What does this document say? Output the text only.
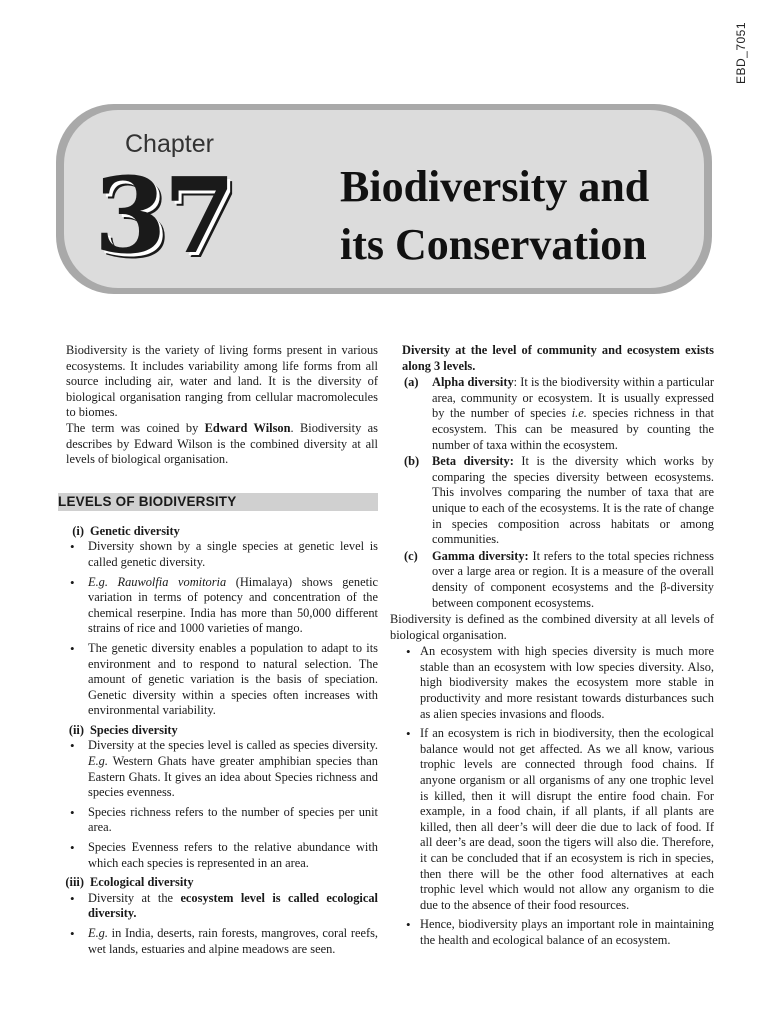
EBD_7051
Chapter
37 Biodiversity and
its Conservation

Biodiversity is the variety of living forms present in various ecosystems. It includes variability among life forms from all source including air, water and land. It is the diversity of biological organisation ranging from cellular macromolecules to biomes.

The term was coined by Edward Wilson. Biodiversity as describes by Edward Wilson is the combined diversity at all levels of biological organisation.

LEVELS OF BIODIVERSITY
(i) Genetic diversity
• Diversity shown by a single species at genetic level is called genetic diversity.
• E.g. Rauwolfia vomitoria (Himalaya) shows genetic variation in terms of potency and concentration of the chemical reserpine. India has more than 50,000 different strains of rice and 1000 varieties of mango.
• The genetic diversity enables a population to adapt to its environment and to respond to natural selection. The amount of genetic variation is the basis of speciation. Genetic diversity within a species often increases with environmental variability.
(ii) Species diversity
• Diversity at the species level is called as species diversity. E.g. Western Ghats have greater amphibian species than Eastern Ghats. It gives an idea about Species richness and species evenness.
• Species richness refers to the number of species per unit area.
• Species Evenness refers to the relative abundance with which each species is represented in an area.
(iii) Ecological diversity
• Diversity at the ecosystem level is called ecological diversity.
• E.g. in India, deserts, rain forests, mangroves, coral reefs, wet lands, estuaries and alpine meadows are seen.

Diversity at the level of community and ecosystem exists along 3 levels.

(a) Alpha diversity: It is the biodiversity within a particular area, community or ecosystem. It is usually expressed by the number of species i.e. species richness in that ecosystem. This can be measured by counting the number of taxa within the ecosystem.
(b) Beta diversity: It is the diversity which works by comparing the species diversity between ecosystems. This involves comparing the number of taxa that are unique to each of the ecosystems. It is the rate of change in species composition across habitats or among communities.
(c) Gamma diversity: It refers to the total species richness over a large area or region. It is a measure of the overall density of component ecosystems and the β-diversity between component ecosystems.

Biodiversity is defined as the combined diversity at all levels of biological organisation.

• An ecosystem with high species diversity is much more stable than an ecosystem with low species diversity. Also, high biodiversity makes the ecosystem more stable in productivity and more resistant towards disturbances such as alien species invasions and floods.
• If an ecosystem is rich in biodiversity, then the ecological balance would not get affected. As we all know, various trophic levels are connected through food chains. If anyone organism or all organisms of any one trophic level is killed, then it will disrupt the entire food chain. For example, in a food chain, if all plants, if all plants are killed, then all deer’s will deer die due to lack of food. If all deer’s are dead, soon the tigers will also die. Therefore, it can be concluded that if an ecosystem is rich in species, then there will be the other food alternatives at each trophic level which would not allow any organism to die due to the absence of their food resources.
• Hence, biodiversity plays an important role in maintaining the health and ecological balance of an ecosystem.
